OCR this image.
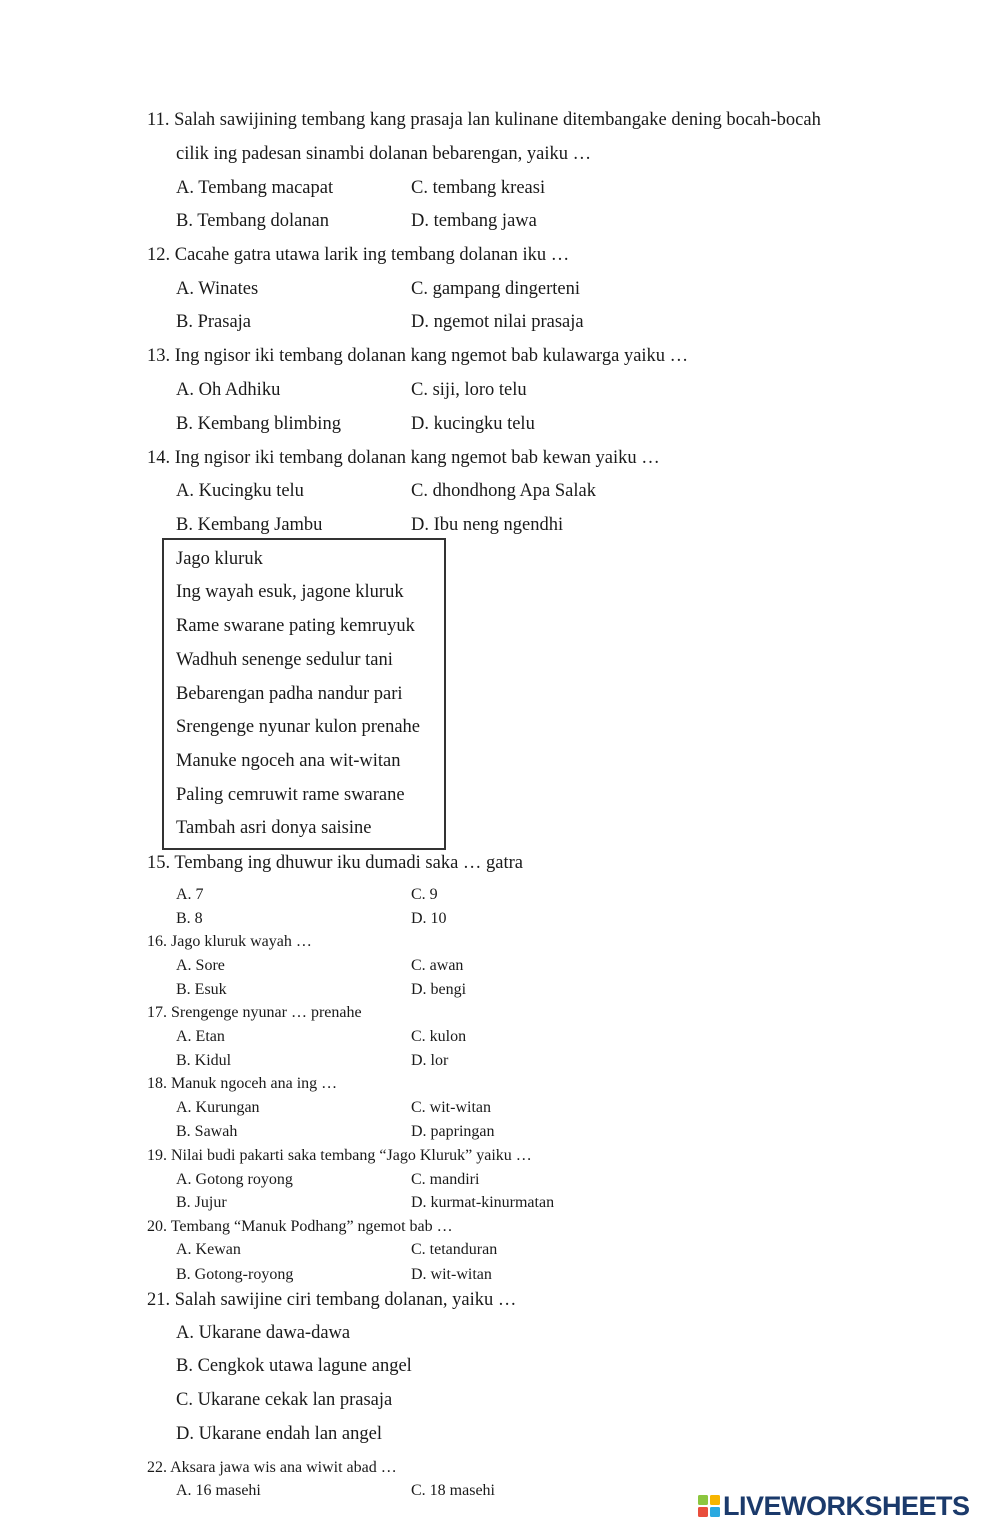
11. Salah sawijining tembang kang prasaja lan kulinane ditembangake dening bocah-bocah
cilik ing padesan sinambi dolanan bebarengan, yaiku …
A. Tembang macapat	C. tembang kreasi
B. Tembang dolanan	D. tembang jawa
12. Cacahe gatra utawa larik ing tembang dolanan iku …
A. Winates	C. gampang dingerteni
B. Prasaja	D. ngemot nilai prasaja
13. Ing ngisor iki tembang dolanan kang ngemot bab kulawarga yaiku …
A. Oh Adhiku	C. siji, loro telu
B. Kembang blimbing	D. kucingku telu
14. Ing ngisor iki tembang dolanan kang ngemot bab kewan yaiku …
A. Kucingku telu	C. dhondhong Apa Salak
B. Kembang Jambu	D. Ibu neng ngendhi
Jago kluruk
Ing wayah esuk, jagone kluruk
Rame swarane pating kemruyuk
Wadhuh senenge sedulur tani
Bebarengan padha nandur pari
Srengenge nyunar kulon prenahe
Manuke ngoceh ana wit-witan
Paling cemruwit rame swarane
Tambah asri donya saisine
15. Tembang ing dhuwur iku dumadi saka … gatra
A. 7	C. 9
B. 8	D. 10
16. Jago kluruk wayah …
A. Sore	C. awan
B. Esuk	D. bengi
17. Srengenge nyunar … prenahe
A. Etan	C. kulon
B. Kidul	D. lor
18. Manuk ngoceh ana ing …
A. Kurungan	C. wit-witan
B. Sawah	D. papringan
19. Nilai budi pakarti saka tembang “Jago Kluruk” yaiku …
A. Gotong royong	C. mandiri
B. Jujur	D. kurmat-kinurmatan
20. Tembang “Manuk Podhang” ngemot bab …
A. Kewan	C. tetanduran
B. Gotong-royong	D. wit-witan
21. Salah sawijine ciri tembang dolanan, yaiku …
A. Ukarane dawa-dawa
B. Cengkok utawa lagune angel
C. Ukarane cekak lan prasaja
D. Ukarane endah lan angel
22. Aksara jawa wis ana wiwit abad …
A. 16 masehi	C. 18 masehi	LIVEWORKSHEETS
